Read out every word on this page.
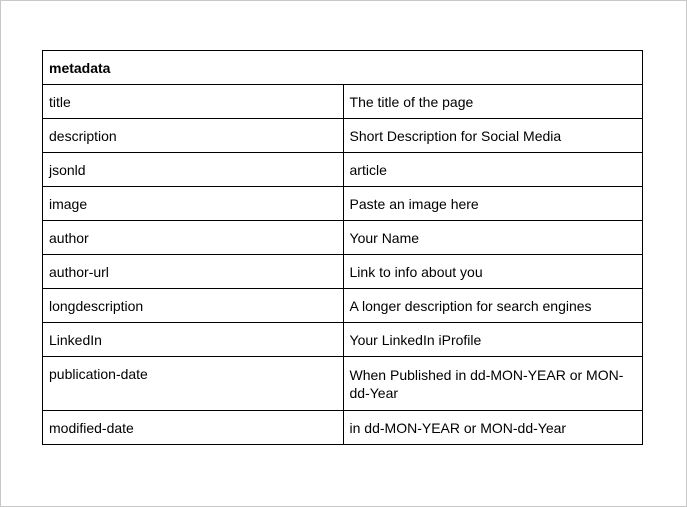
metadata	
title	The title of the page
description	Short Description for Social Media
jsonld	article
image	Paste an image here
author	Your Name
author-url	Link to info about you
longdescription	A longer description for search engines
LinkedIn	Your LinkedIn iProfile
publication-date	When Published in dd-MON-YEAR or MON-dd-Year
modified-date	in dd-MON-YEAR or MON-dd-Year
